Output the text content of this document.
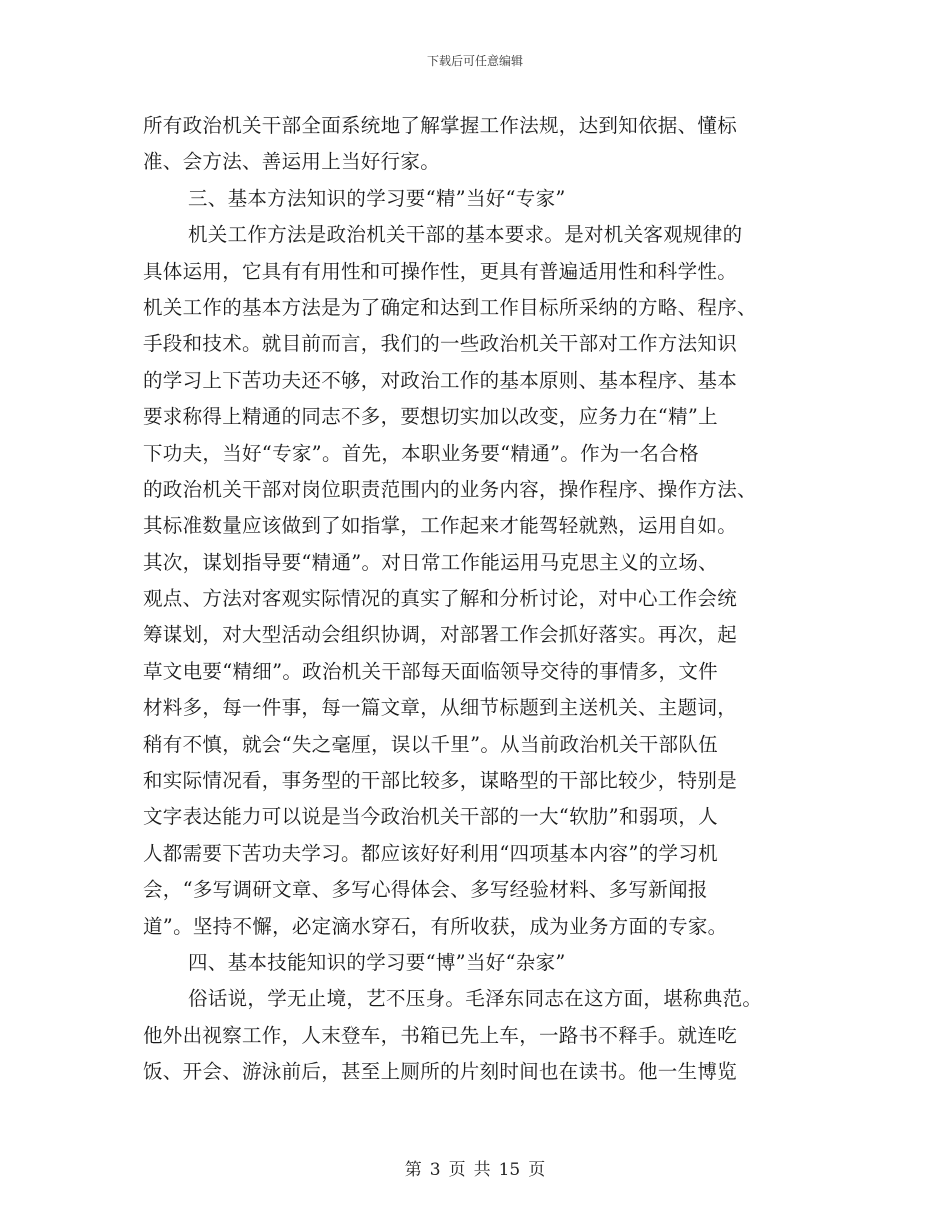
下载后可任意编辑
所有政治机关干部全面系统地了解掌握工作法规，达到知依据、懂标
准、会方法、善运用上当好行家。
三、基本方法知识的学习要“精”当好“专家”
机关工作方法是政治机关干部的基本要求。是对机关客观规律的
具体运用，它具有有用性和可操作性，更具有普遍适用性和科学性。
机关工作的基本方法是为了确定和达到工作目标所采纳的方略、程序、
手段和技术。就目前而言，我们的一些政治机关干部对工作方法知识
的学习上下苦功夫还不够，对政治工作的基本原则、基本程序、基本
要求称得上精通的同志不多，要想切实加以改变，应务力在“精”上
下功夫，当好“专家”。首先，本职业务要“精通”。作为一名合格
的政治机关干部对岗位职责范围内的业务内容，操作程序、操作方法、
其标准数量应该做到了如指掌，工作起来才能驾轻就熟，运用自如。
其次，谋划指导要“精通”。对日常工作能运用马克思主义的立场、
观点、方法对客观实际情况的真实了解和分析讨论，对中心工作会统
筹谋划，对大型活动会组织协调，对部署工作会抓好落实。再次，起
草文电要“精细”。政治机关干部每天面临领导交待的事情多，文件
材料多，每一件事，每一篇文章，从细节标题到主送机关、主题词，
稍有不慎，就会“失之毫厘，误以千里”。从当前政治机关干部队伍
和实际情况看，事务型的干部比较多，谋略型的干部比较少，特别是
文字表达能力可以说是当今政治机关干部的一大“软肋”和弱项，人
人都需要下苦功夫学习。都应该好好利用“四项基本内容”的学习机
会，“多写调研文章、多写心得体会、多写经验材料、多写新闻报
道”。坚持不懈，必定滴水穿石，有所收获，成为业务方面的专家。
四、基本技能知识的学习要“博”当好“杂家”
俗话说，学无止境，艺不压身。毛泽东同志在这方面，堪称典范。
他外出视察工作，人末登车，书箱已先上车，一路书不释手。就连吃
饭、开会、游泳前后，甚至上厕所的片刻时间也在读书。他一生博览
第 3 页 共 15 页
